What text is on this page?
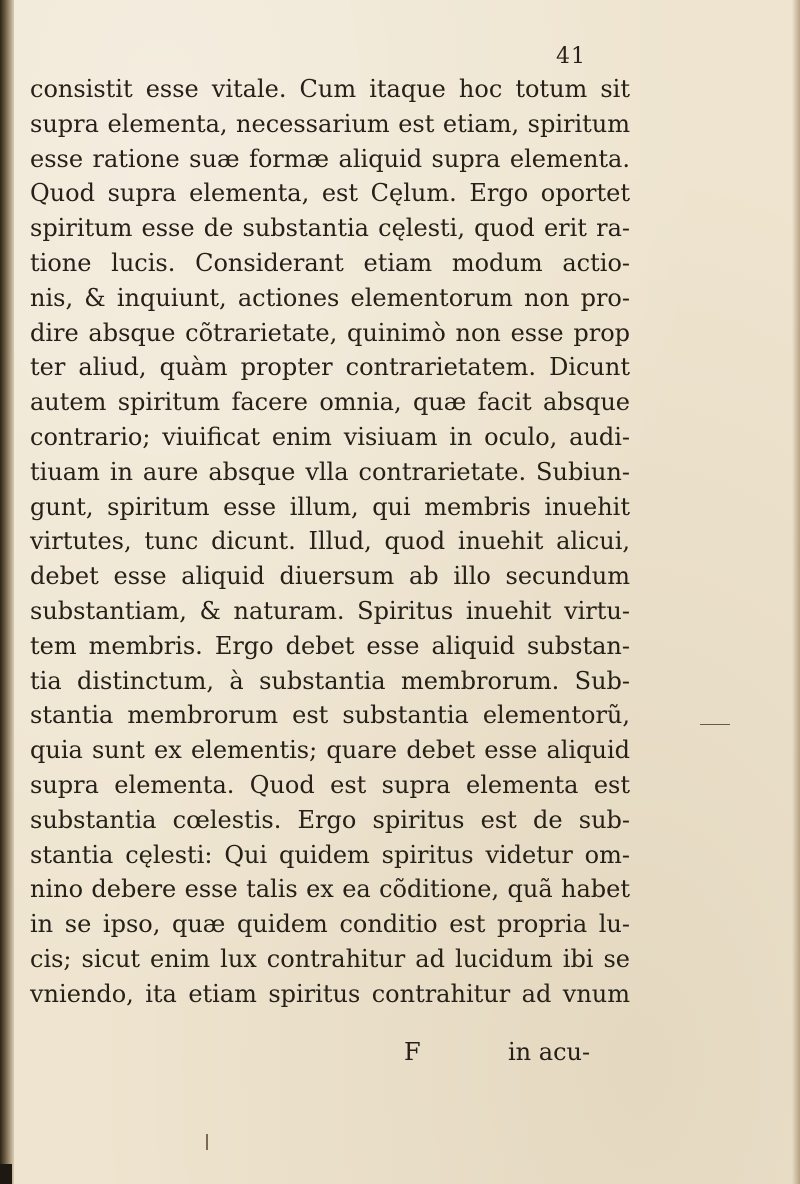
41
consistit esse vitale. Cum itaque hoc totum sit
supra elementa, necessarium est etiam, spiritum
esse ratione suæ formæ aliquid supra elementa.
Quod supra elementa, est Cęlum. Ergo oportet
spiritum esse de substantia cęlesti, quod erit ra-
tione lucis. Considerant etiam modum actio-
nis, & inquiunt, actiones elementorum non pro-
dire absque cõtrarietate, quinimò non esse prop
ter aliud, quàm propter contrarietatem. Dicunt
autem spiritum facere omnia, quæ facit absque
contrario; viuificat enim visiuam in oculo, audi-
tiuam in aure absque vlla contrarietate. Subiun-
gunt, spiritum esse illum, qui membris inuehit
virtutes, tunc dicunt. Illud, quod inuehit alicui,
debet esse aliquid diuersum ab illo secundum
substantiam, & naturam. Spiritus inuehit virtu-
tem membris. Ergo debet esse aliquid substan-
tia distinctum, à substantia membrorum. Sub-
stantia membrorum est substantia elementorũ,
quia sunt ex elementis; quare debet esse aliquid
supra elementa. Quod est supra elementa est
substantia cœlestis. Ergo spiritus est de sub-
stantia cęlesti: Qui quidem spiritus videtur om-
nino debere esse talis ex ea cõditione, quã habet
in se ipso, quæ quidem conditio est propria lu-
cis; sicut enim lux contrahitur ad lucidum ibi se
vniendo, ita etiam spiritus contrahitur ad vnum
F	in acu-
